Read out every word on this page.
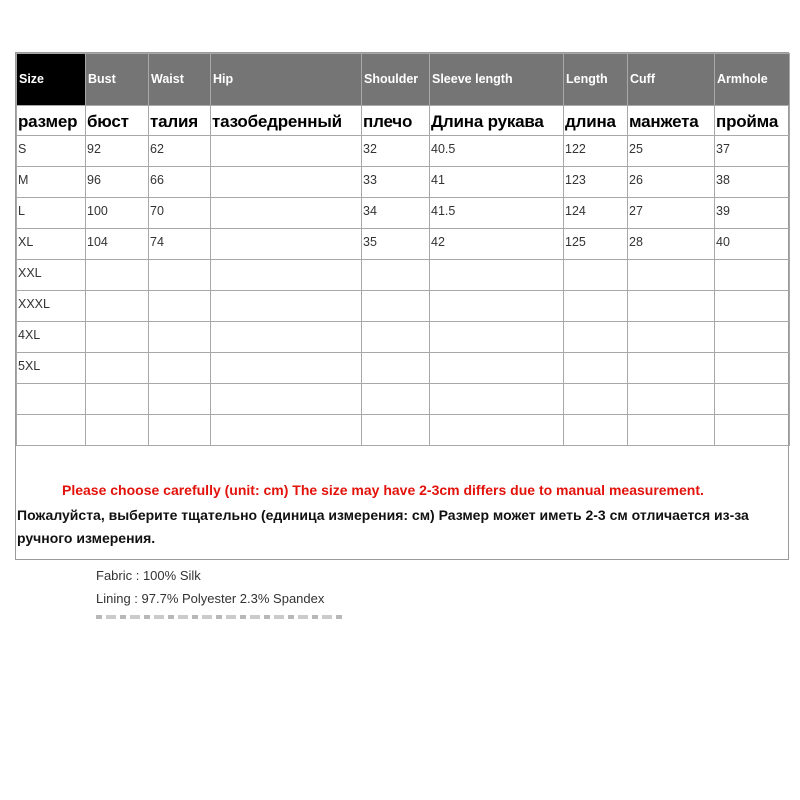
Size	Bust	Waist	Hip	Shoulder	Sleeve length	Length	Cuff	Armhole
размер	бюст	талия	тазобедренный	плечо	Длина рукава	длина	манжета	пройма
S	92	62		32	40.5	122	25	37
M	96	66		33	41	123	26	38
L	100	70		34	41.5	124	27	39
XL	104	74		35	42	125	28	40
XXL								
XXXL								
4XL								
5XL								

Please choose carefully (unit: cm) The size may have 2-3cm differs due to manual measurement.
Пожалуйста, выберите тщательно (единица измерения: см) Размер может иметь 2-3 см отличается из-за ручного измерения.
Fabric : 100% Silk
Lining : 97.7% Polyester 2.3% Spandex
